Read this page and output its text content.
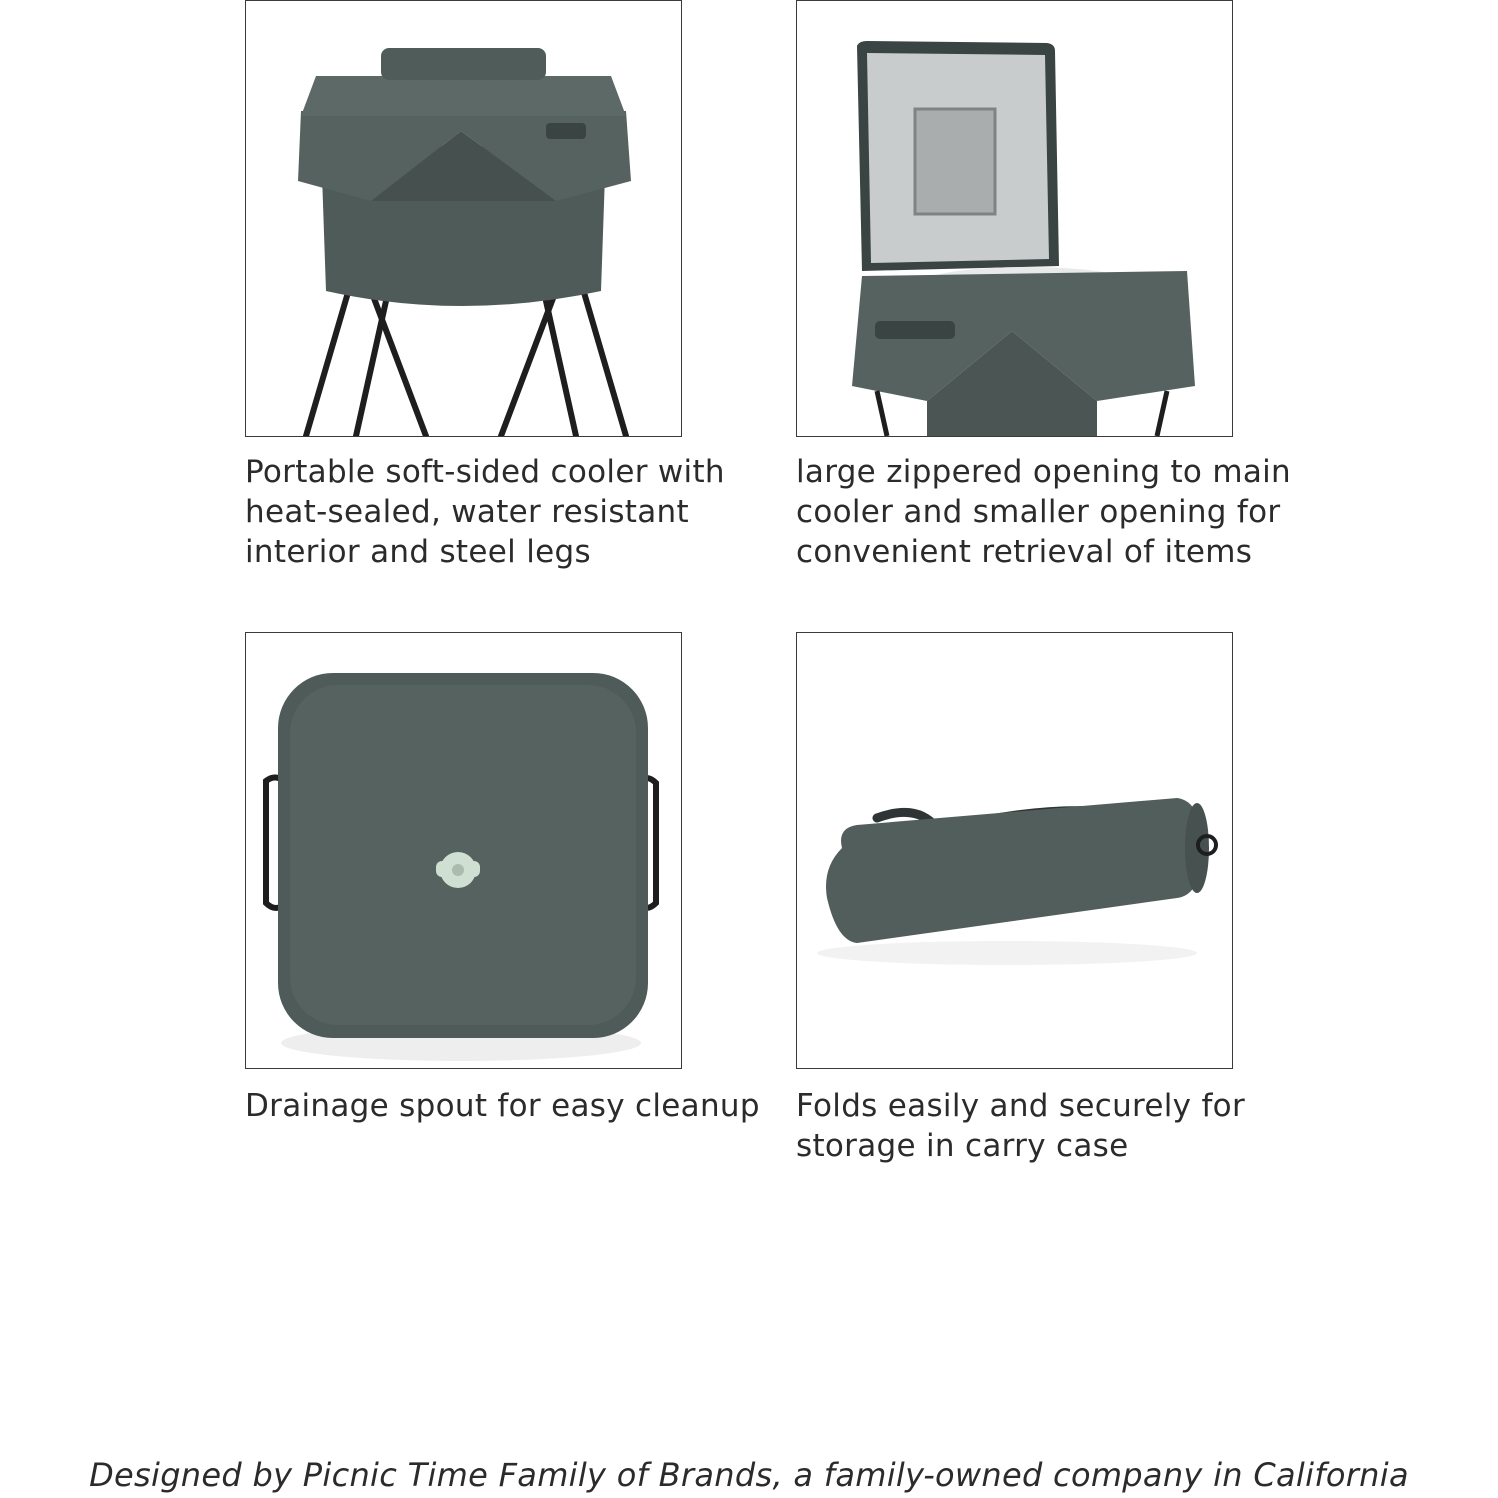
Portable soft-sided cooler with
heat-sealed, water resistant
interior and steel legs
large zippered opening to main
cooler and smaller opening for
convenient retrieval of items
Drainage spout for easy cleanup Folds easily and securely for
storage in carry case
Designed by Picnic Time Family of Brands, a family-owned company in California
